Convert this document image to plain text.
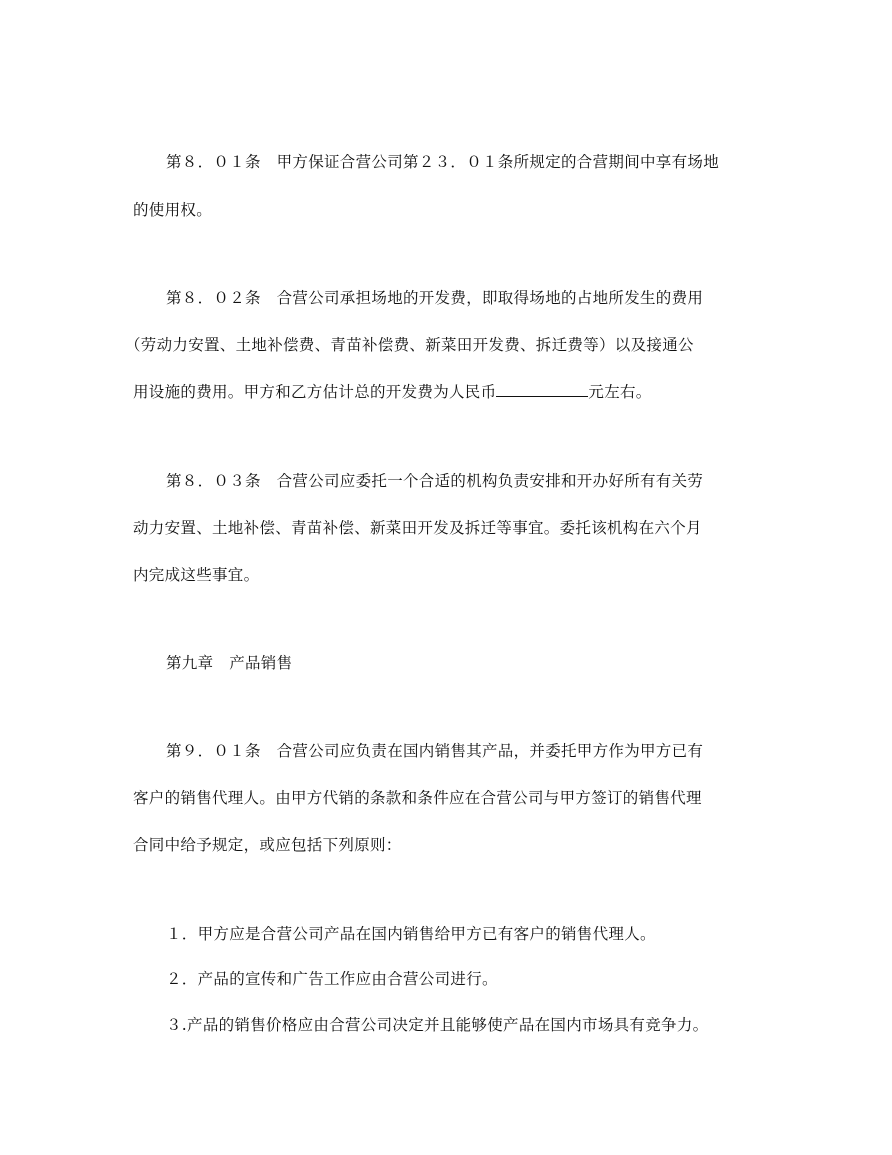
第８．０１条　甲方保证合营公司第２３．０１条所规定的合营期间中享有场地
的使用权。
第８．０２条　合营公司承担场地的开发费，即取得场地的占地所发生的费用
（劳动力安置、土地补偿费、青苗补偿费、新菜田开发费、拆迁费等）以及接通公
用设施的费用。甲方和乙方估计总的开发费为人民币	元左右。
第８．０３条　合营公司应委托一个合适的机构负责安排和开办好所有有关劳
动力安置、土地补偿、青苗补偿、新菜田开发及拆迁等事宜。委托该机构在六个月
内完成这些事宜。
第九章　产品销售
第９．０１条　合营公司应负责在国内销售其产品，并委托甲方作为甲方已有
客户的销售代理人。由甲方代销的条款和条件应在合营公司与甲方签订的销售代理
合同中给予规定，或应包括下列原则：
１．甲方应是合营公司产品在国内销售给甲方已有客户的销售代理人。
２．产品的宣传和广告工作应由合营公司进行。
３.产品的销售价格应由合营公司决定并且能够使产品在国内市场具有竞争力。
